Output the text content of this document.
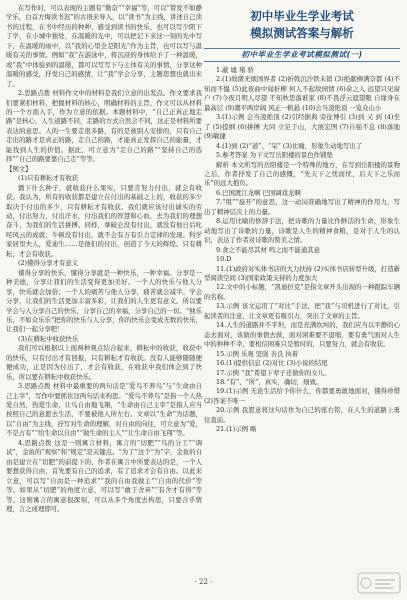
在写作时，可以表现的主题有“勤奋”“幸福”等，可以“赞发不如静学乐，白首方悔读书迟”的古语来导入，以“读书”为主线，讲述自己读书的过程，在书中经历的种种，感受到读书的快乐，也可以写少阳下了学，在小城中独处，在温暖的光中，可以把记下来这一刻的光中写下，在温暖的雨中，以“我的心里全是阳光”作为主旨，也可以写与温暖有关的事情。例如“我”在游泳中，将沉浸的身体给予了一种温暖，或“我”中体验到的温暖，都可以写写下与主体有关的事情，分享这种温暖的感受，抒发自己的感情，让“我”学会分享，主题思想也就出来了。

2.思路点拨 材料作文中的材料是我们立意的出发点。作文要求我们要紧扣材料，把握材料的核心，明确材料的主旨，作文可以从材料的一个方面入手，作为立意的依据。本题材料中，“自己正真正地走路”是核心，人生道路不同，走路的方式自然会不同，这正是材料所要表达的意思。人的一生要走很多路，有的是被别人安排的，只有自己走出的路才是真正的路，走自己的路，才能真正发挥自己的能量，才能找到人生的价值。据此，可立意为“走自己的路”“坚持自己的选择”“自己的路要靠自己走”等等。

【例文】

(1)只有耕耘才有收获

播下什么种子，就收获什么果实，只要肯努力付出，就会有收获。我认为，所有的收获都是建立在付出的基础之上的，收获的多少取决于付出的多少，只有耕耘才有收获。我们就应该付出诚实的劳动，付出努力，付出汗水，付出我们的智慧和心血，去为我们的理想奋斗，为我们的生活拼搏。同样，拿破仑没有付出，就没有他日后叱咤风云的成就；牛顿没有付出，就不会有万有引力定律的发现。科学家居里夫人，爱迪生……是他们的付出，创造了今天的辉煌。只有耕耘，才会有收获。

(2)懂得分享才有意义

懂得分享的快乐，懂得分享就是一种快乐，一种幸福。分享是一种美德，分享让我们的生活变得更加美好。一个人的快乐与他人分享，快乐就会加倍；一个人的痛苦与他人分享，痛苦就会减半。学会分享，让我们的生活更加丰富多彩，让我们的人生更有意义。所以要学会与人分享自己的快乐，分享自己的幸福，分享自己的一切。“独乐乐，不如众乐乐”把你的快乐与人分享，你的快乐会变成无数的快乐，让我们一起分享吧！

(3)在耕耘中收获快乐

我们可以根据以上面两种观点结合起来，耕耘中的收获，收获中的快乐，只有付出才有回报，只有耕耘才有收获。没有人能够随随便便成功，正是因为付出了，才会有收获，在收获中我们体会到了快乐，所以要在耕耘中收获快乐。

3.思路点拨 材料中最重要的两句话是“爱鸟不养鸟”与“生命由自己主宰”，写作中要抓住这两句话来构思。“爱鸟不养鸟”是指一个人热爱自然，热爱生命，让鸟自由地飞翔，“生命由自己主宰”是指人应当按照自己的意愿去生活，不要被他人所左右。文章以“生命”为话题，以“自由”为主线，抒写对生命的理解，对自由的向往，可立意为“爱，不是占有”“给生命以自由”“做生命的主人”“让生命自由飞翔”等。

4.思路点拨 这是一则寓言材料，寓言的“切肥”“鸟的分工”“调试”，金鱼的“观察”和“规定”是关键点。“为了”这个“为”字，金鱼的自由是建立在“切肥”的前提下的，作者在寓言中所要表达的是，一个人要想获得自由，首先要有自己的追求，有了追求才会有自由。以此来立意，可以写“自由是一种追求”“我的自由我做主”“自由的代价”等等。如果从“切肥”的角度立意，可以写“敢于舍弃”“有舍才有得”等等。这则寓言的寓意很深刻，可以从多个角度去构思，只要合乎情理，言之成理即可。

初中毕业生学业考试
模拟测试答案与解析
初中毕业生学业考试模拟测试(一)

1.蔽 墟 堵 骄

2.(1)故凿无烦国界者 (2)折戟沉沙铁未销 (3)绝献柳满奈都 (4)不知而不愠 (5)此夜曲中闻折柳 何人不起故园情 (6)余之人 远望只见窗户 (7)今夜月明人尽望 不知秋思落谁家 (8)不畏浮云遮望眼 自缘身在最高层 (9)潮平两岸阔 风正一帆悬 (10)会当凌绝顶 一览众山小

3.(1)示例 会当凌绝顶 (2)引经据典 旁征博引 (3)到 又 到 (4)坐了 (5)提纲 (6)拼搏 大同 立足于山，大展宏图 (7)自强不息 (8)落地 (9)敏捷

4.(1)到 (2)“道”、“呆” (3)比喻，形象生动地写出了

5.参考答案 为下文写岳阳楼的景色作铺垫

解析 本文所写的岳阳楼是一个特殊的地方，在写到岳阳楼的景物之后，作者抒发了自己的感慨，“先天下之忧而忧，后天下之乐而乐”的远大抱负。

6.巴国渡江龙啊 巴国调戏龙啊

7.“甩”“旋开”的意思，这一动词准确地写出了精神的作用力，写出了精神层次上的力量。

8.运用比喻的修辞手法，把诗歌的力量比作鲜活的生命，形象生动地写出了诗歌的力量，诗歌是人生的精神食粮，是对于人生的认识，表达了作者对诗歌的赞美之情。

9.食之不能尽其材 鸣之而不能通其意

10.D

11.(1)政府对实体书店的大力扶持 (2)实体书店转型升级，打造新型阅读空间 (3)国家政策支持的力度加大

12.文中的小标题，“凯迪拉克”是指文章开头出现的一种跟踪车辆的名称。

13.示例 该文运用了“对比”手法，把“我”与司机进行了对比，引起读者的注意，让文章更有吸引力，突出了文章的主旨。

14.人生的道路并不平坦，而是充满坎坷的，我们应当以平静的心态去面对，该做的事情去做，面对困难要不退缩，要有勇气面对人生中的种种不幸，要相信困难只是暂时的，只要努力，就会有收获。

15.示例 乐观 坚强 善良 执着

16.(1)提供信息 (2)对比 (3)小说的结尾

17.示例 “我”希望下辈子还做你的女儿。

18.“有”、“所”，真实，确切，细致。

19.(1)示例 无论生活给予你什么，你都要勇敢地面对，懂得珍惜 (2)答案不唯一

20.示例 我愿意将这句话作为自己的座右铭，在人生的道路上勇往直前。

21.(1)示例 略

· 22 ·
